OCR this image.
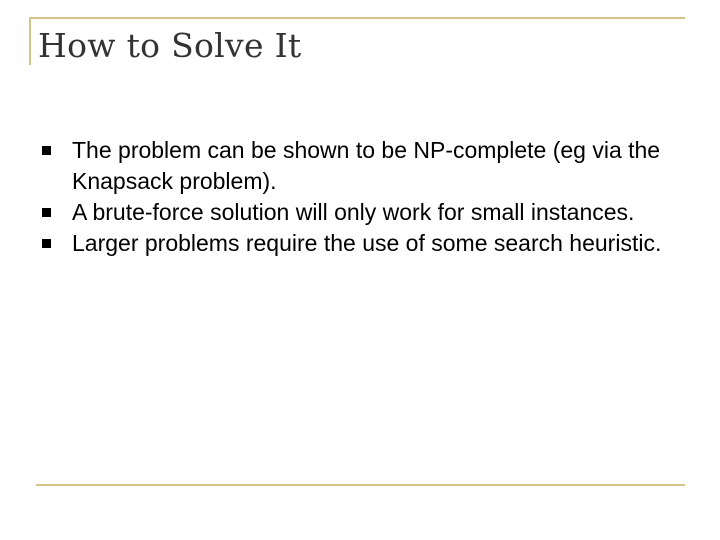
How to Solve It
The problem can be shown to be NP-complete (eg via the Knapsack problem).
A brute-force solution will only work for small instances.
Larger problems require the use of some search heuristic.
